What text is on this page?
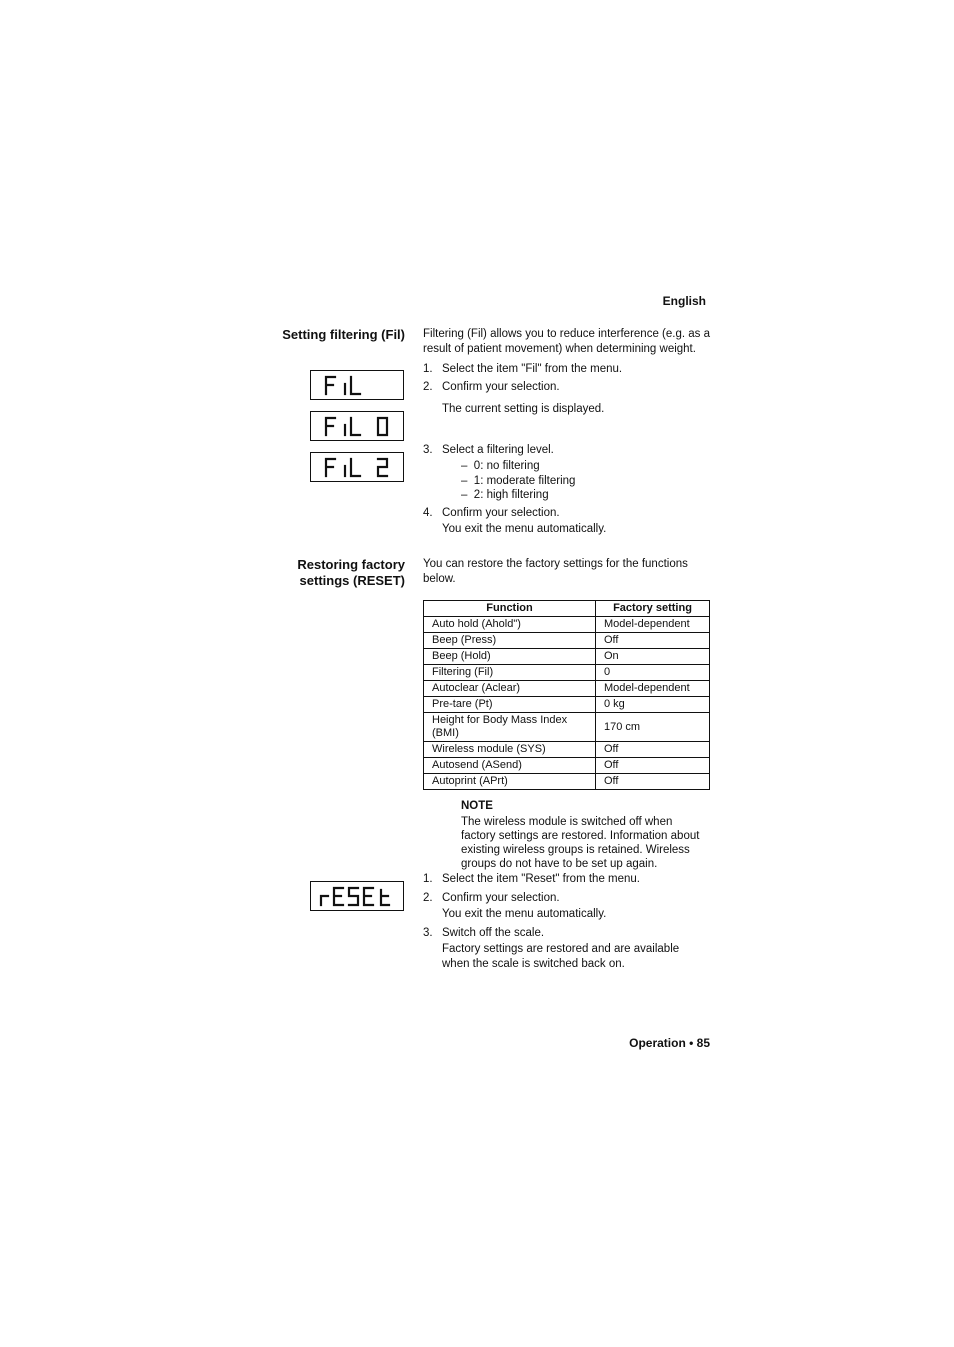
English
Setting filtering (Fil) Filtering (Fil) allows you to reduce interference (e.g. as a result of patient movement) when determining weight.
1. Select the item "Fil" from the menu.
2. Confirm your selection.
The current setting is displayed.
3. Select a filtering level.
– 0: no filtering
– 1: moderate filtering
– 2: high filtering
4. Confirm your selection.
You exit the menu automatically.
Restoring factory
settings (RESET)
You can restore the factory settings for the functions below.
Function	Factory setting
Auto hold (Ahold")	Model-dependent
Beep (Press)	Off
Beep (Hold)	On
Filtering (Fil)	0
Autoclear (Aclear)	Model-dependent
Pre-tare (Pt)	0 kg
Height for Body Mass Index (BMI)	170 cm
Wireless module (SYS)	Off
Autosend (ASend)	Off
Autoprint (APrt)	Off
NOTE
The wireless module is switched off when factory settings are restored. Information about existing wireless groups is retained. Wireless groups do not have to be set up again.
1. Select the item "Reset" from the menu.
2. Confirm your selection.
You exit the menu automatically.
3. Switch off the scale.
Factory settings are restored and are available when the scale is switched back on.
Operation • 85
